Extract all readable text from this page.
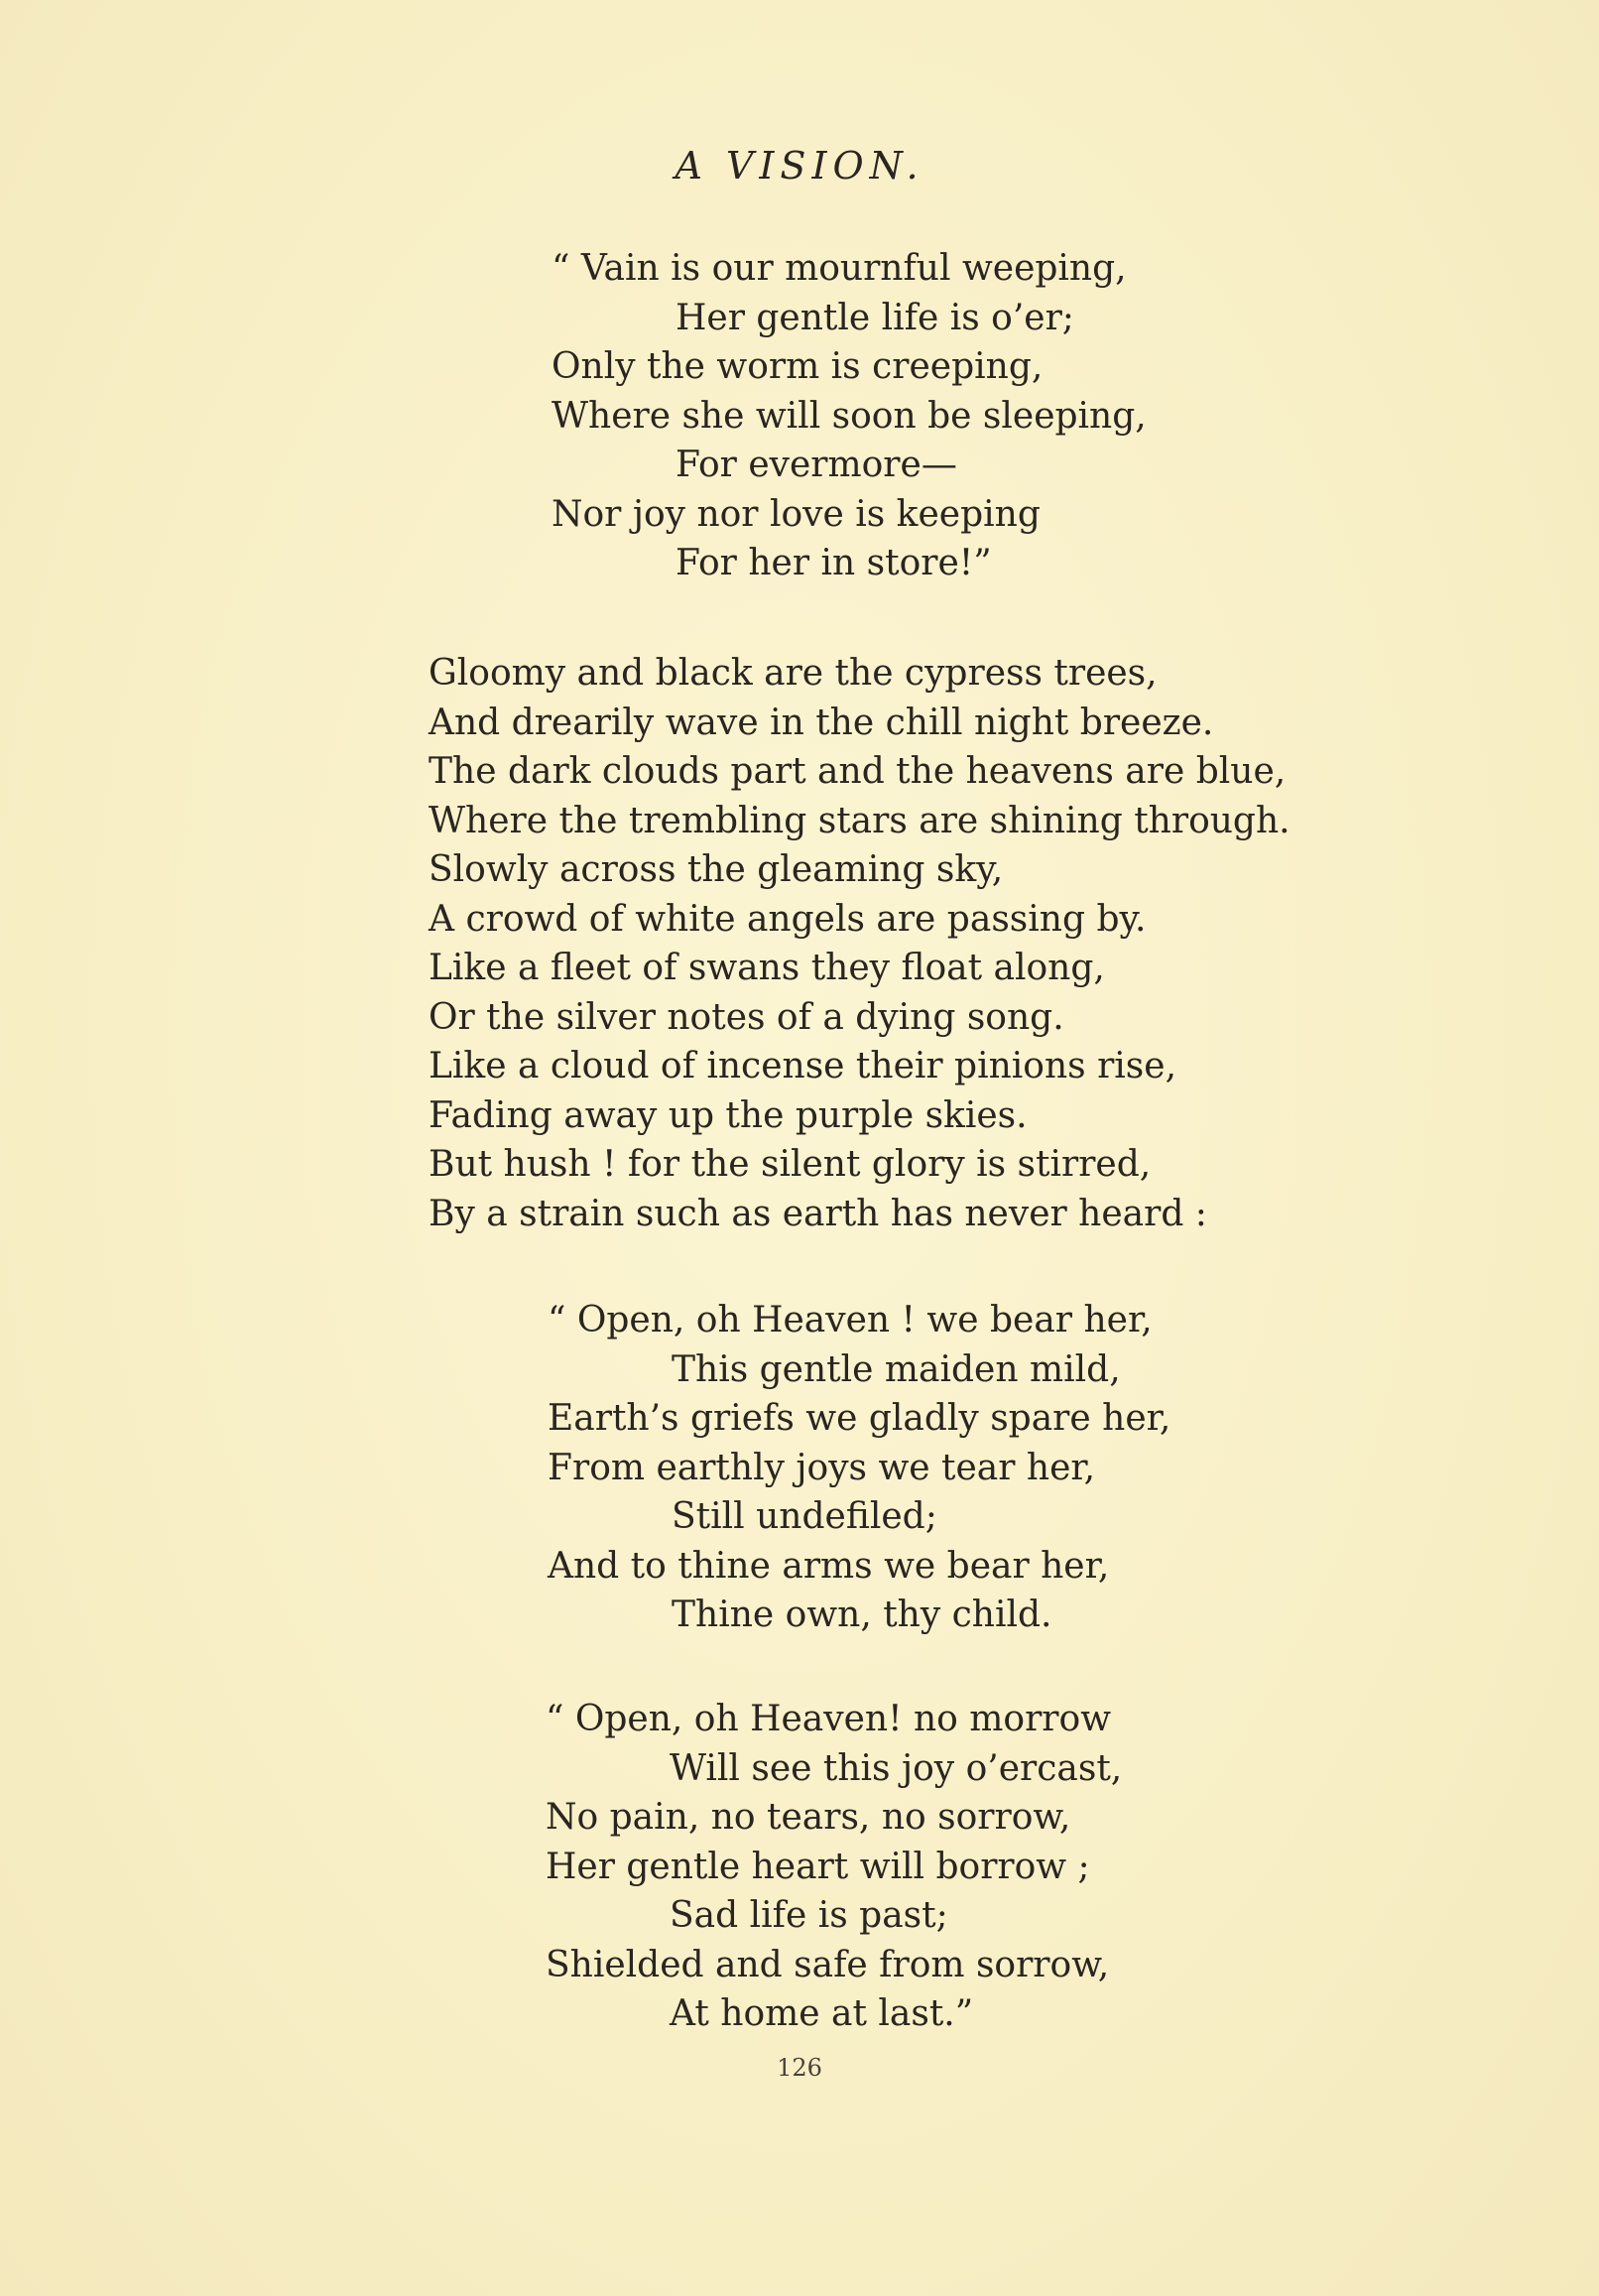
A VISION.
“ Vain is our mournful weeping,
Her gentle life is o’er;
Only the worm is creeping,
Where she will soon be sleeping,
For evermore—
Nor joy nor love is keeping
For her in store!”
Gloomy and black are the cypress trees,
And drearily wave in the chill night breeze.
The dark clouds part and the heavens are blue,
Where the trembling stars are shining through.
Slowly across the gleaming sky,
A crowd of white angels are passing by.
Like a fleet of swans they float along,
Or the silver notes of a dying song.
Like a cloud of incense their pinions rise,
Fading away up the purple skies.
But hush ! for the silent glory is stirred,
By a strain such as earth has never heard :
“ Open, oh Heaven ! we bear her,
This gentle maiden mild,
Earth’s griefs we gladly spare her,
From earthly joys we tear her,
Still undefiled;
And to thine arms we bear her,
Thine own, thy child.
“ Open, oh Heaven! no morrow
Will see this joy o’ercast,
No pain, no tears, no sorrow,
Her gentle heart will borrow ;
Sad life is past;
Shielded and safe from sorrow,
At home at last.”
126
